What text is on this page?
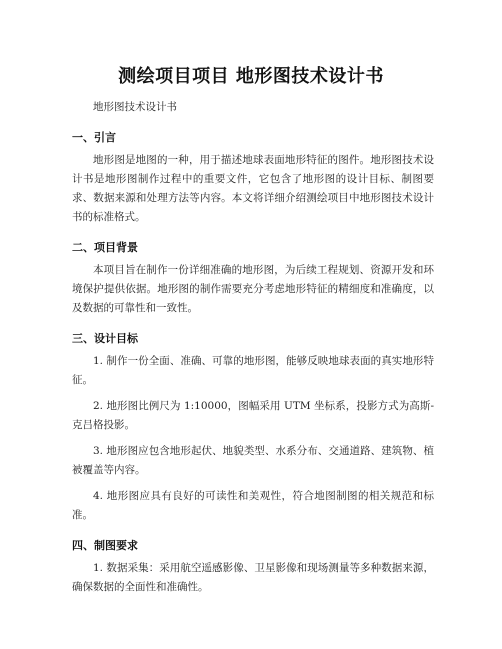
测绘项目项目 地形图技术设计书

地形图技术设计书

一、引言

地形图是地图的一种，用于描述地球表面地形特征的图件。地形图技术设计书是地形图制作过程中的重要文件，它包含了地形图的设计目标、制图要求、数据来源和处理方法等内容。本文将详细介绍测绘项目中地形图技术设计书的标准格式。

二、项目背景

本项目旨在制作一份详细准确的地形图，为后续工程规划、资源开发和环境保护提供依据。地形图的制作需要充分考虑地形特征的精细度和准确度，以及数据的可靠性和一致性。

三、设计目标

1. 制作一份全面、准确、可靠的地形图，能够反映地球表面的真实地形特征。

2. 地形图比例尺为 1:10000，图幅采用 UTM 坐标系，投影方式为高斯-克吕格投影。

3. 地形图应包含地形起伏、地貌类型、水系分布、交通道路、建筑物、植被覆盖等内容。

4. 地形图应具有良好的可读性和美观性，符合地图制图的相关规范和标准。

四、制图要求

1. 数据采集：采用航空遥感影像、卫星影像和现场测量等多种数据来源，确保数据的全面性和准确性。
